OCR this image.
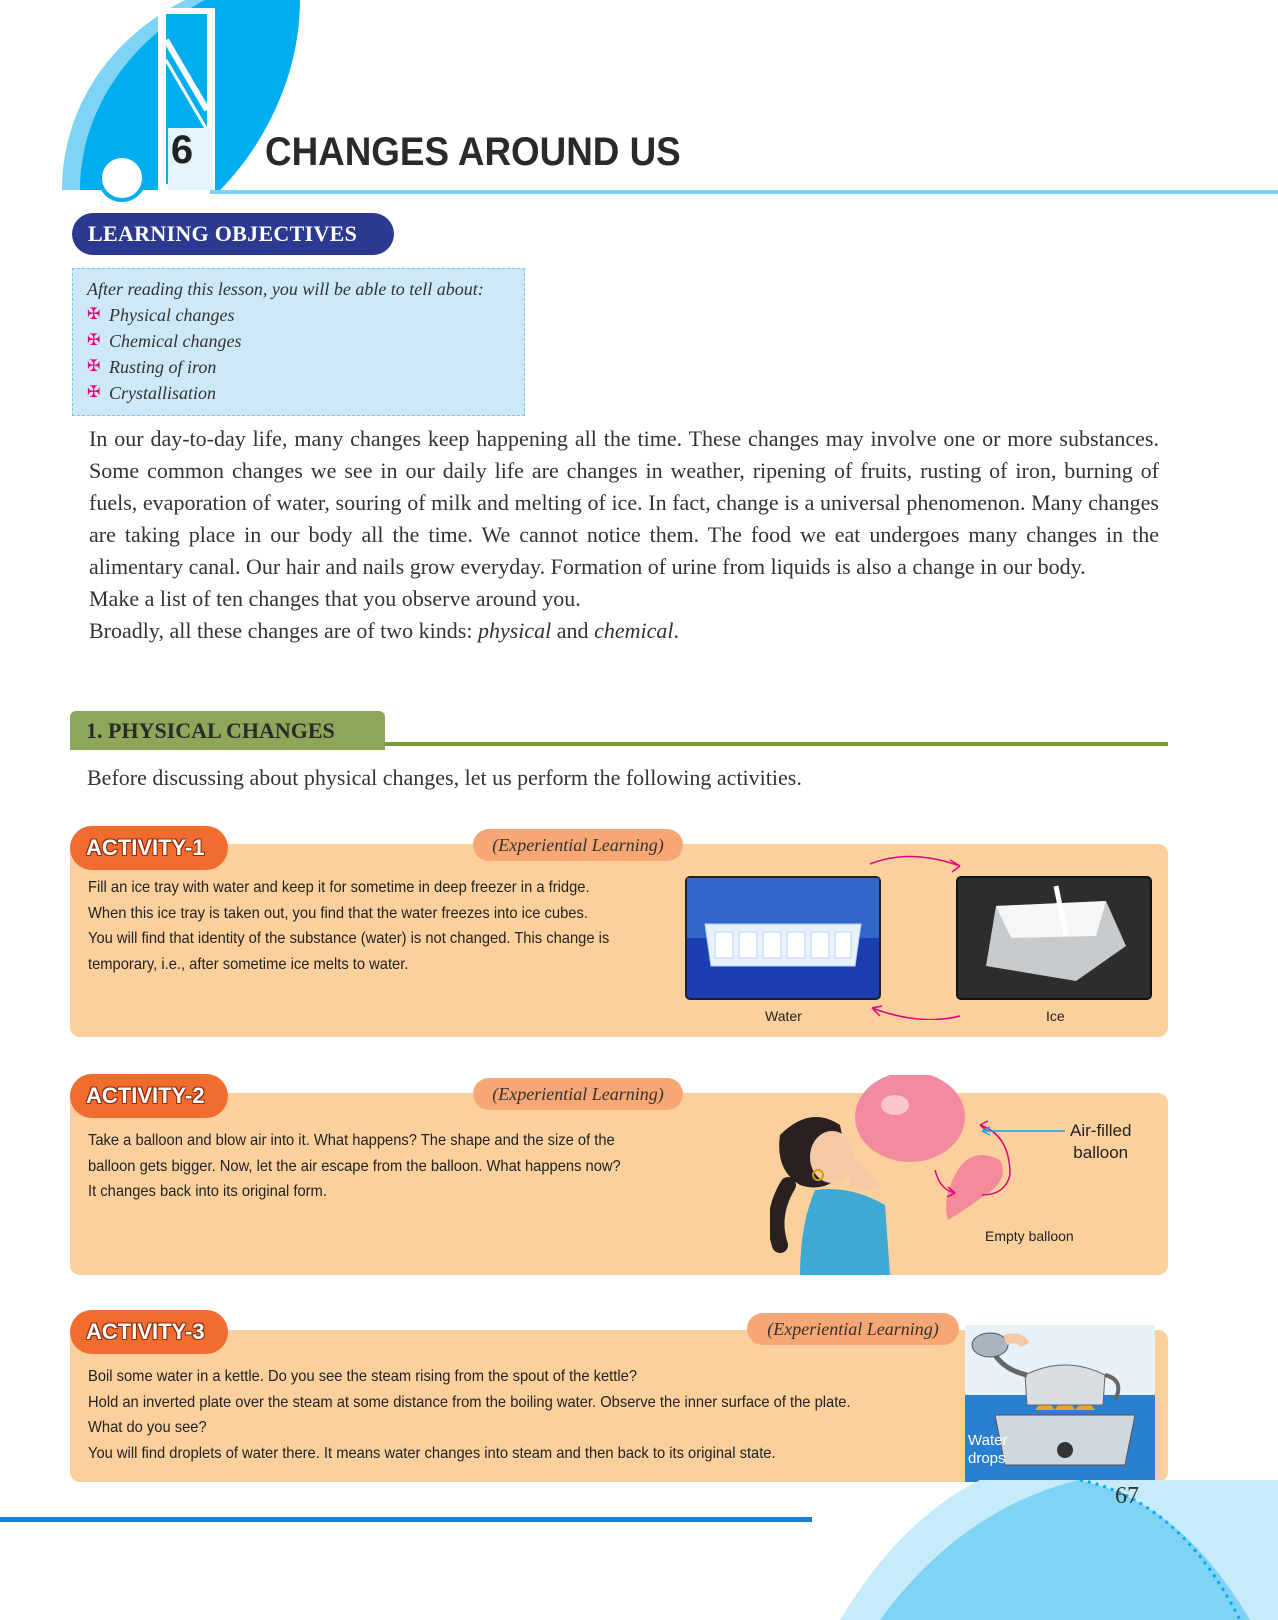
6	CHANGES AROUND US
LEARNING OBJECTIVES
After reading this lesson, you will be able to tell about:
✠ Physical changes
✠ Chemical changes
✠ Rusting of iron
✠ Crystallisation

In our day-to-day life, many changes keep happening all the time. These changes may involve one or more substances. Some common changes we see in our daily life are changes in weather, ripening of fruits, rusting of iron, burning of fuels, evaporation of water, souring of milk and melting of ice. In fact, change is a universal phenomenon. Many changes are taking place in our body all the time. We cannot notice them. The food we eat undergoes many changes in the alimentary canal. Our hair and nails grow everyday. Formation of urine from liquids is also a change in our body.

Make a list of ten changes that you observe around you.

Broadly, all these changes are of two kinds: physical and chemical.

1. PHYSICAL CHANGES
Before discussing about physical changes, let us perform the following activities.
ACTIVITY-1	(Experiential Learning)
Fill an ice tray with water and keep it for sometime in deep freezer in a fridge.
When this ice tray is taken out, you find that the water freezes into ice cubes.
You will find that identity of the substance (water) is not changed. This change is
temporary, i.e., after sometime ice melts to water.
Water	Ice
ACTIVITY-2	(Experiential Learning)
Take a balloon and blow air into it. What happens? The shape and the size of the
balloon gets bigger. Now, let the air escape from the balloon. What happens now?
It changes back into its original form.
Air-filled
balloon
Empty balloon
ACTIVITY-3	(Experiential Learning)
Boil some water in a kettle. Do you see the steam rising from the spout of the kettle?
Hold an inverted plate over the steam at some distance from the boiling water. Observe the inner surface of the plate.
What do you see?
You will find droplets of water there. It means water changes into steam and then back to its original state.
Water
drops
67
